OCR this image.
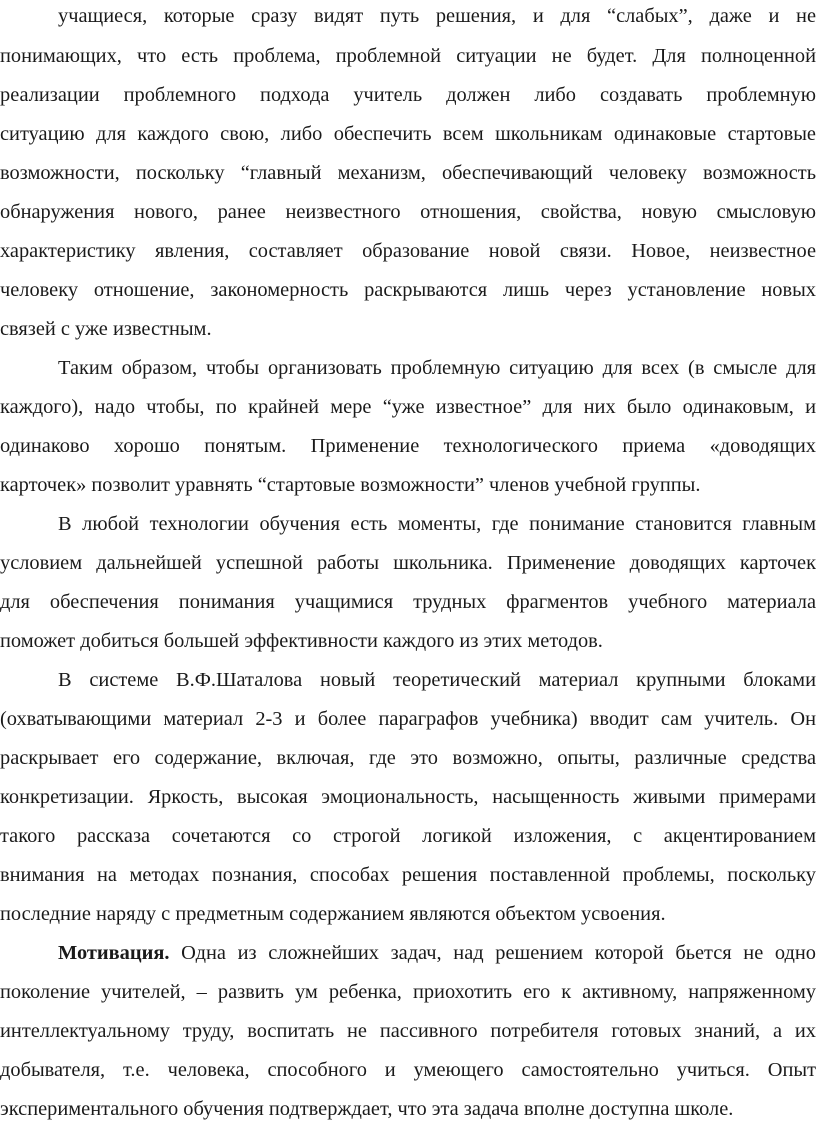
учащиеся, которые сразу видят путь решения, и для “слабых”, даже и не
понимающих, что есть проблема, проблемной ситуации не будет. Для полноценной
реализации проблемного подхода учитель должен либо создавать проблемную
ситуацию для каждого свою, либо обеспечить всем школьникам одинаковые стартовые
возможности, поскольку “главный механизм, обеспечивающий человеку возможность
обнаружения нового, ранее неизвестного отношения, свойства, новую смысловую
характеристику явления, составляет образование новой связи. Новое, неизвестное
человеку отношение, закономерность раскрываются лишь через установление новых
связей с уже известным.
Таким образом, чтобы организовать проблемную ситуацию для всех (в смысле для
каждого), надо чтобы, по крайней мере “уже известное” для них было одинаковым, и
одинаково хорошо понятым. Применение технологического приема «доводящих
карточек» позволит уравнять “стартовые возможности” членов учебной группы.
В любой технологии обучения есть моменты, где понимание становится главным
условием дальнейшей успешной работы школьника. Применение доводящих карточек
для обеспечения понимания учащимися трудных фрагментов учебного материала
поможет добиться большей эффективности каждого из этих методов.
В системе В.Ф.Шаталова новый теоретический материал крупными блоками
(охватывающими материал 2-3 и более параграфов учебника) вводит сам учитель. Он
раскрывает его содержание, включая, где это возможно, опыты, различные средства
конкретизации. Яркость, высокая эмоциональность, насыщенность живыми примерами
такого рассказа сочетаются со строгой логикой изложения, с акцентированием
внимания на методах познания, способах решения поставленной проблемы, поскольку
последние наряду с предметным содержанием являются объектом усвоения.
Мотивация. Одна из сложнейших задач, над решением которой бьется не одно
поколение учителей, – развить ум ребенка, приохотить его к активному, напряженному
интеллектуальному труду, воспитать не пассивного потребителя готовых знаний, а их
добывателя, т.е. человека, способного и умеющего самостоятельно учиться. Опыт
экспериментального обучения подтверждает, что эта задача вполне доступна школе.
